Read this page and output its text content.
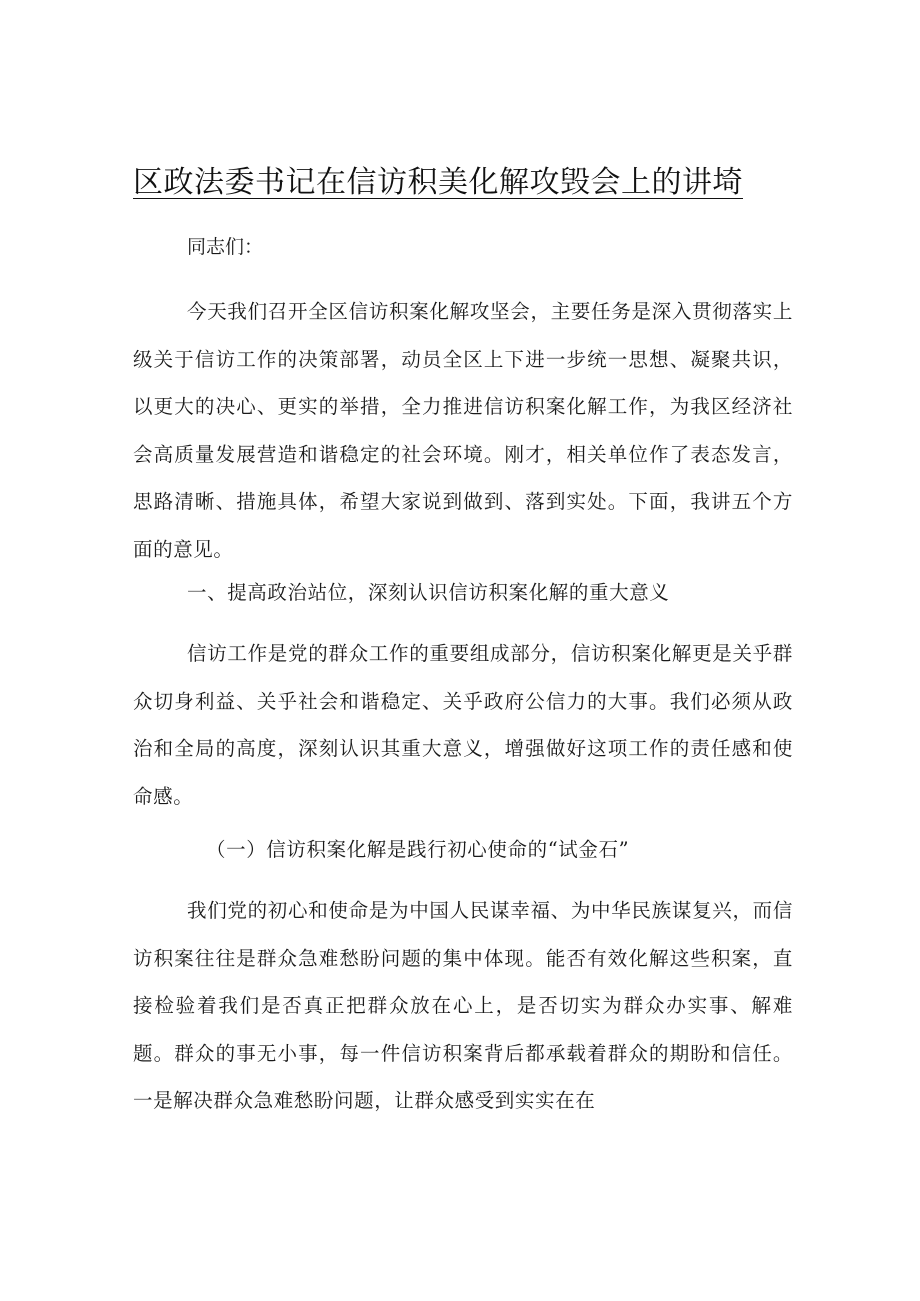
区政法委书记在信访积美化解攻毁会上的讲埼
同志们：

今天我们召开全区信访积案化解攻坚会，主要任务是深入贯彻落实上级关于信访工作的决策部署，动员全区上下进一步统一思想、凝聚共识，以更大的决心、更实的举措，全力推进信访积案化解工作，为我区经济社会高质量发展营造和谐稳定的社会环境。刚才，相关单位作了表态发言，思路清晰、措施具体，希望大家说到做到、落到实处。下面，我讲五个方面的意见。

一、提高政治站位，深刻认识信访积案化解的重大意义

信访工作是党的群众工作的重要组成部分，信访积案化解更是关乎群众切身利益、关乎社会和谐稳定、关乎政府公信力的大事。我们必须从政治和全局的高度，深刻认识其重大意义，增强做好这项工作的责任感和使命感。

（一）信访积案化解是践行初心使命的“试金石”

我们党的初心和使命是为中国人民谋幸福、为中华民族谋复兴，而信访积案往往是群众急难愁盼问题的集中体现。能否有效化解这些积案，直接检验着我们是否真正把群众放在心上，是否切实为群众办实事、解难题。群众的事无小事，每一件信访积案背后都承载着群众的期盼和信任。一是解决群众急难愁盼问题，让群众感受到实实在在
